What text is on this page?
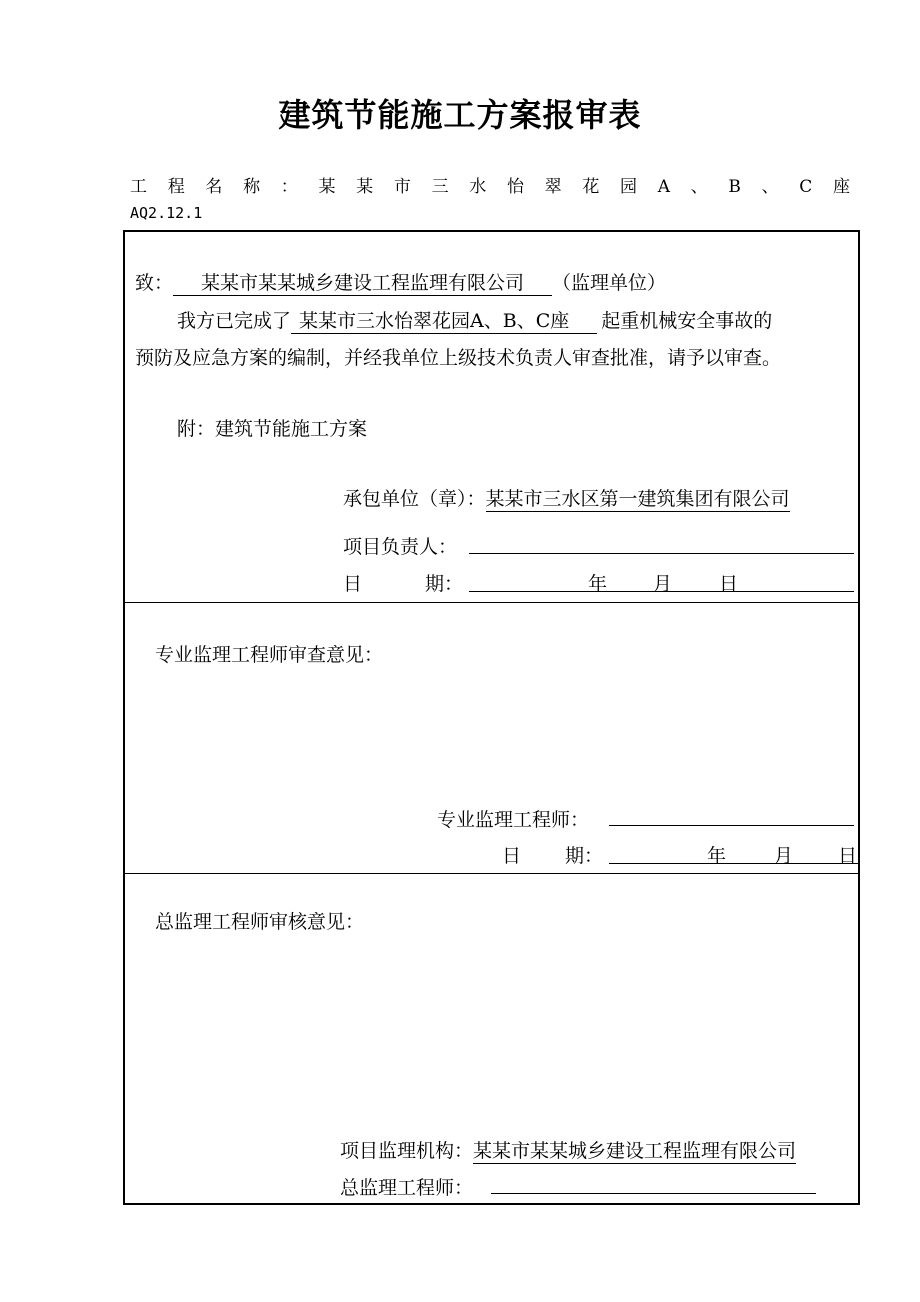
建筑节能施工方案报审表
工程名称：某某市三水怡翠花园A、B、C座
AQ2.12.1
致： 某某市某某城乡建设工程监理有限公司 （监理单位）
我方已完成了 某某市三水怡翠花园A、B、C座 起重机械安全事故的
预防及应急方案的编制，并经我单位上级技术负责人审查批准，请予以审查。
附：建筑节能施工方案
承包单位（章）：某某市三水区第一建筑集团有限公司
项目负责人：
日	期：	年 月 日
专业监理工程师审查意见：
专业监理工程师：
日 期：	年	月 日
总监理工程师审核意见：
项目监理机构：某某市某某城乡建设工程监理有限公司
总监理工程师：
